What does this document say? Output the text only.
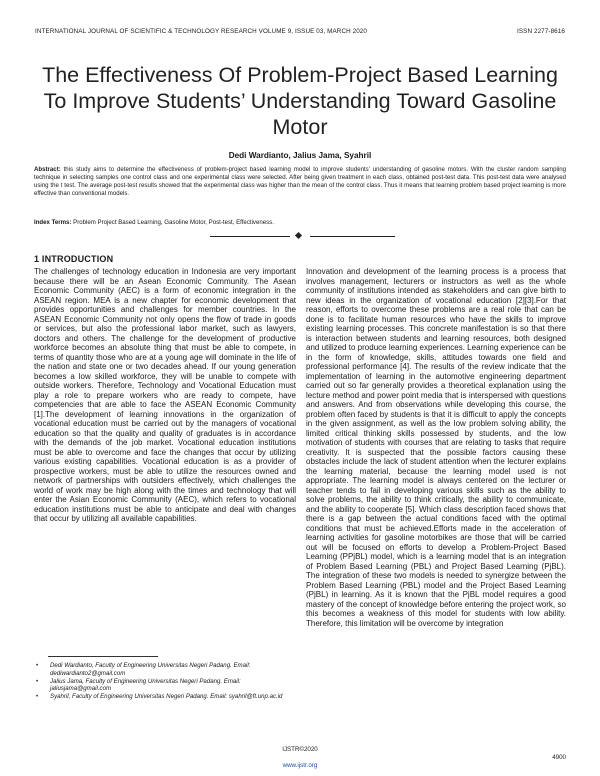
INTERNATIONAL JOURNAL OF SCIENTIFIC & TECHNOLOGY RESEARCH VOLUME 9, ISSUE 03, MARCH 2020	ISSN 2277-8616
The Effectiveness Of Problem-Project Based Learning To Improve Students’ Understanding Toward Gasoline Motor
Dedi Wardianto, Jalius Jama, Syahril
Abstract: this study aims to determine the effectiveness of problem-project based learning model to improve students' understanding of gasoline motors. With the cluster random sampling technique in selecting samples one control class and one experimental class were selected. After being given treatment in each class, obtained post-test data. This post-test data were analysed using the t test. The average post-test results showed that the experimental class was higher than the mean of the control class. Thus it means that learning problem based project learning is more effective than conventional models.
Index Terms: Problem Project Based Learning, Gasoline Motor, Post-test, Effectiveness.
1 INTRODUCTION
The challenges of technology education in Indonesia are very important because there will be an Asean Economic Community. The Asean Economic Community (AEC) is a form of economic integration in the ASEAN region. MEA is a new chapter for economic development that provides opportunities and challenges for member countries. In the ASEAN Economic Community not only opens the flow of trade in goods or services, but also the professional labor market, such as lawyers, doctors and others. The challenge for the development of productive workforce becomes an absolute thing that must be able to compete, in terms of quantity those who are at a young age will dominate in the life of the nation and state one or two decades ahead. If our young generation becomes a low skilled workforce, they will be unable to compete with outside workers. Therefore, Technology and Vocational Education must play a role to prepare workers who are ready to compete, have competencies that are able to face the ASEAN Economic Community [1].The development of learning innovations in the organization of vocational education must be carried out by the managers of vocational education so that the quality and quality of graduates is in accordance with the demands of the job market. Vocational education institutions must be able to overcome and face the changes that occur by utilizing various existing capabilities. Vocational education is as a provider of prospective workers, must be able to utilize the resources owned and network of partnerships with outsiders effectively, which challenges the world of work may be high along with the times and technology that will enter the Asian Economic Community (AEC), which refers to vocational education institutions must be able to anticipate and deal with changes that occur by utilizing all available capabilities.
Innovation and development of the learning process is a process that involves management, lecturers or instructors as well as the whole community of institutions intended as stakeholders and can give birth to new ideas in the organization of vocational education [2][3].For that reason, efforts to overcome these problems are a real role that can be done is to facilitate human resources who have the skills to improve existing learning processes. This concrete manifestation is so that there is interaction between students and learning resources, both designed and utilized to produce learning experiences. Learning experience can be in the form of knowledge, skills, attitudes towards one field and professional performance [4]. The results of the review indicate that the implementation of learning in the automotive engineering department carried out so far generally provides a theoretical explanation using the lecture method and power point media that is interspersed with questions and answers. And from observations while developing this course, the problem often faced by students is that it is difficult to apply the concepts in the given assignment, as well as the low problem solving ability, the limited critical thinking skills possessed by students, and the low motivation of students with courses that are relating to tasks that require creativity. It is suspected that the possible factors causing these obstacles include the lack of student attention when the lecturer explains the learning material, because the learning model used is not appropriate. The learning model is always centered on the lecturer or teacher tends to fail in developing various skills such as the ability to solve problems, the ability to think critically, the ability to communicate, and the ability to cooperate [5]. Which class description faced shows that there is a gap between the actual conditions faced with the optimal conditions that must be achieved.Efforts made in the acceleration of learning activities for gasoline motorbikes are those that will be carried out will be focused on efforts to develop a Problem-Project Based Learning (PPjBL) model, which is a learning model that is an integration of Problem Based Learning (PBL) and Project Based Learning (PjBL). The integration of these two models is needed to synergize between the Problem Based Learning (PBL) model and the Project Based Learning (PjBL) in learning. As it is known that the PjBL model requires a good mastery of the concept of knowledge before entering the project work, so this becomes a weakness of this model for students with low ability. Therefore, this limitation will be overcome by integration
• Dedi Wardianto, Faculty of Engineering Universitas Negeri Padang. Email: dediwardianto2@gmail.com
• Jalius Jama, Faculty of Engineering Universitas Negeri Padang. Email: jaliusjama@gmail.com
• Syahril, Faculty of Engineering Universitas Negeri Padang. Email: syahril@ft.unp.ac.id
IJSTR©2020
4900
www.ijstr.org
